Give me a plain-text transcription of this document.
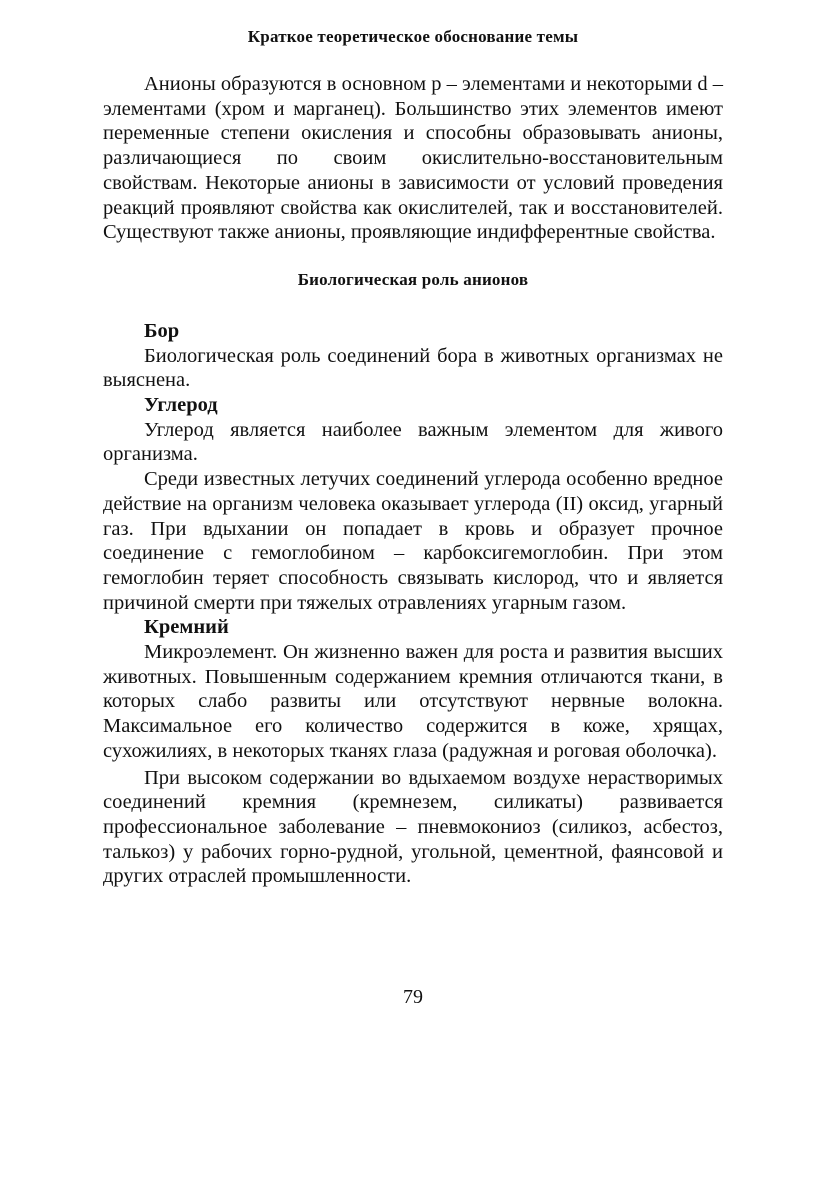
Краткое теоретическое обоснование темы

Анионы образуются в основном p – элементами и некоторыми d – элементами (хром и марганец). Большинство этих элементов имеют переменные степени окисления и способны образовывать анионы, различающиеся по своим окислительно-восстановительным свойствам. Некоторые анионы в зависимости от условий проведения реакций проявляют свойства как окислителей, так и восстановителей. Существуют также анионы, проявляющие индифферентные свойства.

Биологическая роль анионов
Бор

Биологическая роль соединений бора в животных организмах не выяснена.

Углерод

Углерод является наиболее важным элементом для живого организма.

Среди известных летучих соединений углерода особенно вредное действие на организм человека оказывает углерода (II) оксид, угарный газ. При вдыхании он попадает в кровь и образует прочное соединение с гемоглобином – карбоксигемоглобин. При этом гемоглобин теряет способность связывать кислород, что и является причиной смерти при тяжелых отравлениях угарным газом.

Кремний

Микроэлемент. Он жизненно важен для роста и развития высших животных. Повышенным содержанием кремния отличаются ткани, в которых слабо развиты или отсутствуют нервные волокна. Максимальное его количество содержится в коже, хрящах, сухожилиях, в некоторых тканях глаза (радужная и роговая оболочка).

При высоком содержании во вдыхаемом воздухе нерастворимых соединений кремния (кремнезем, силикаты) развивается профессиональное заболевание – пневмокониоз (силикоз, асбестоз, талькоз) у рабочих горно-рудной, угольной, цементной, фаянсовой и других отраслей промышленности.

79
